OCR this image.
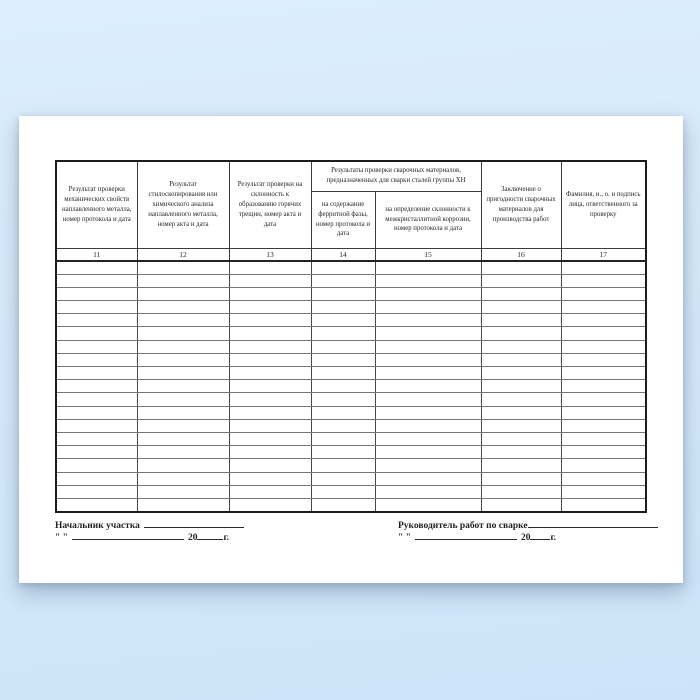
Результат проверки механических свойств наплавленного металла, номер протокола и дата	Результат стилоскопирования или химического анализа наплавленного металла, номер акта и дата	Результат проверки на склонность к образованию горячих трещин, номер акта и дата	Результаты проверки сварочных материалов, предназначенных для сварки сталей группы ХН		Заключение о пригодности сварочных материалов для производства работ	Фамилия, и., о. и подпись лица, ответственного за проверку
			на содержание ферритной фазы, номер протокола и дата	на определение склонности к межкристаллитной коррозии, номер протокола и дата		
11	12	13	14	15	16	17

Начальник участка
" "	20	г.
Руководитель работ по сварке
" "	20 г.
